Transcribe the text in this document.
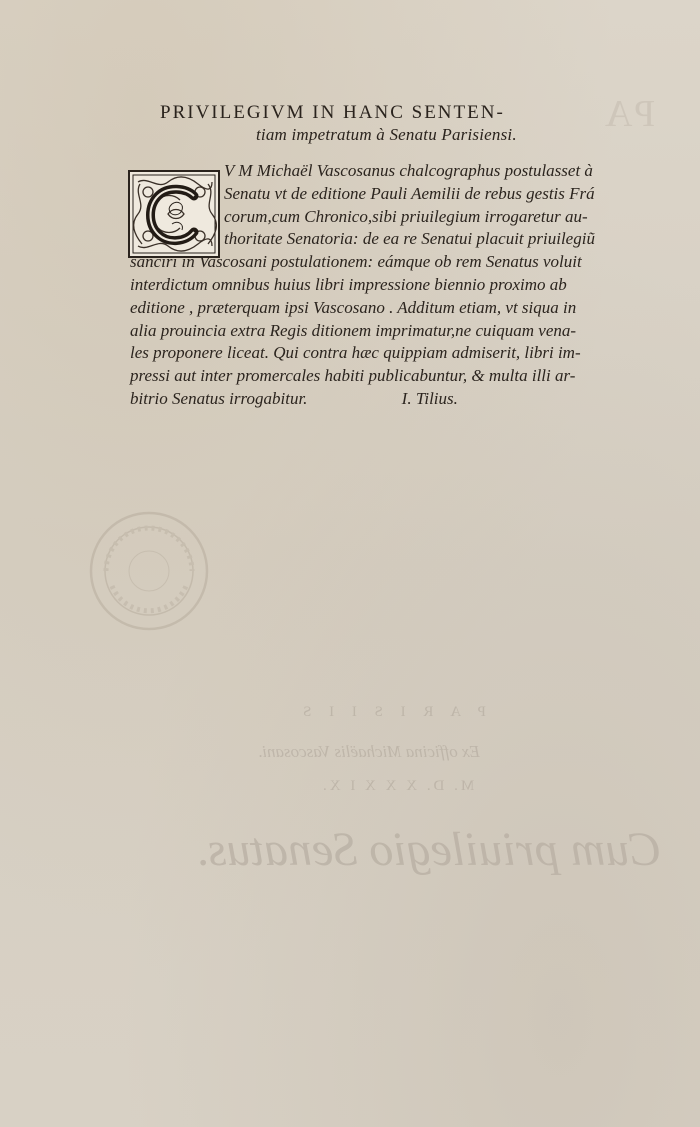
PA
P A R I S I I S
Ex officina Michaëlis Vascosani.
M. D. X X X I X.
Cum priuilegio Senatus.
PRIVILEGIVM IN HANC SENTEN-
tiam impetratum à Senatu Parisiensi.
V M Michaël Vascosanus chalcographus postulasset à
Senatu vt de editione Pauli Aemilii de rebus gestis Frá
corum,cum Chronico,sibi priuilegium irrogaretur au-
thoritate Senatoria: de ea re Senatui placuit priuilegiũ
sanciri in Vascosani postulationem: eámque ob rem Senatus voluit
interdictum omnibus huius libri impressione biennio proximo ab
editione , præterquam ipsi Vascosano . Additum etiam, vt siqua in
alia prouincia extra Regis ditionem imprimatur,ne cuiquam vena-
les proponere liceat. Qui contra hæc quippiam admiserit, libri im-
pressi aut inter promercales habiti publicabuntur, & multa illi ar-
bitrio Senatus irrogabitur.	I. Tilius.
